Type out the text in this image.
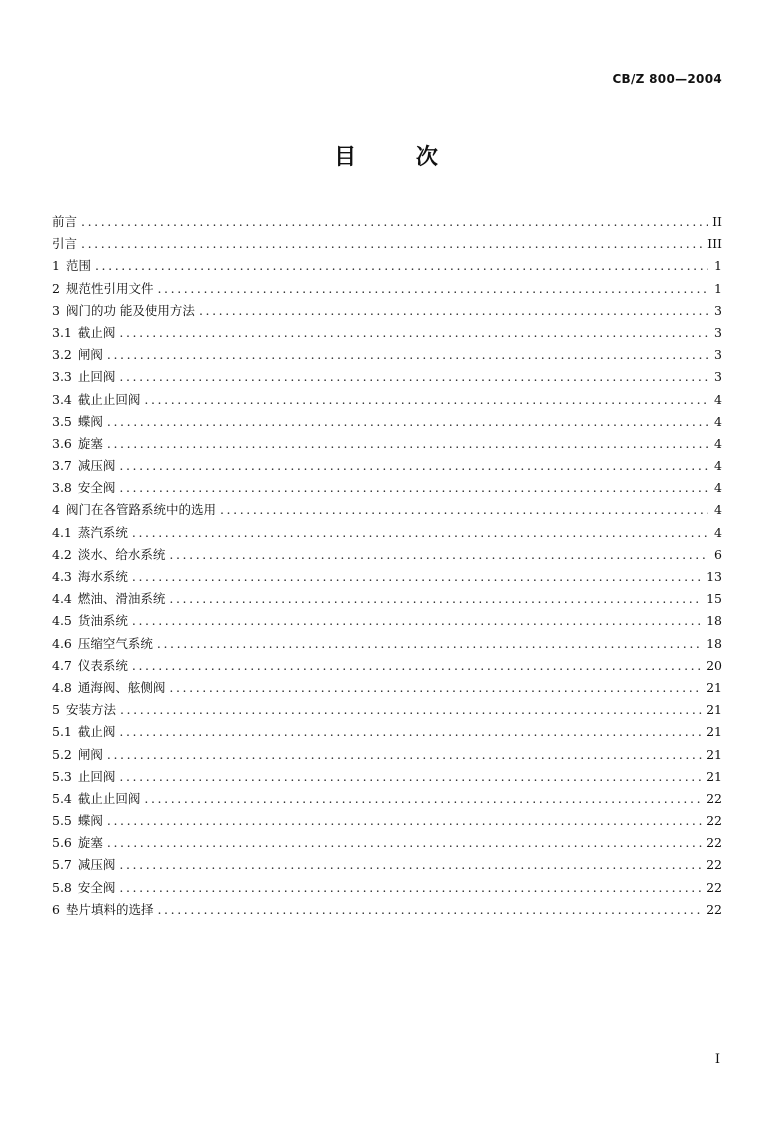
CB/Z 800—2004
目 次
前言 .....	II
引言 .....	III
1 范围 .....	1
2 规范性引用文件 .....	1
3 阀门的功 能及使用方法 .....	3
3.1 截止阀 .....	3
3.2 闸阀 .....	3
3.3 止回阀 .....	3
3.4 截止止回阀 .....	4
3.5 蝶阀 .....	4
3.6 旋塞 .....	4
3.7 减压阀 .....	4
3.8 安全阀 .....	4
4 阀门在各管路系统中的选用 .....	4
4.1 蒸汽系统 .....	4
4.2 淡水、给水系统 .....	6
4.3 海水系统 .....	13
4.4 燃油、滑油系统 .....	15
4.5 货油系统 .....	18
4.6 压缩空气系统 .....	18
4.7 仪表系统 .....	20
4.8 通海阀、舷侧阀 .....	21
5 安装方法 .....	21
5.1 截止阀 .....	21
5.2 闸阀 .....	21
5.3 止回阀 .....	21
5.4 截止止回阀 .....	22
5.5 蝶阀 .....	22
5.6 旋塞 .....	22
5.7 减压阀 .....	22
5.8 安全阀 .....	22
6 垫片填料的选择 .....	22
I
